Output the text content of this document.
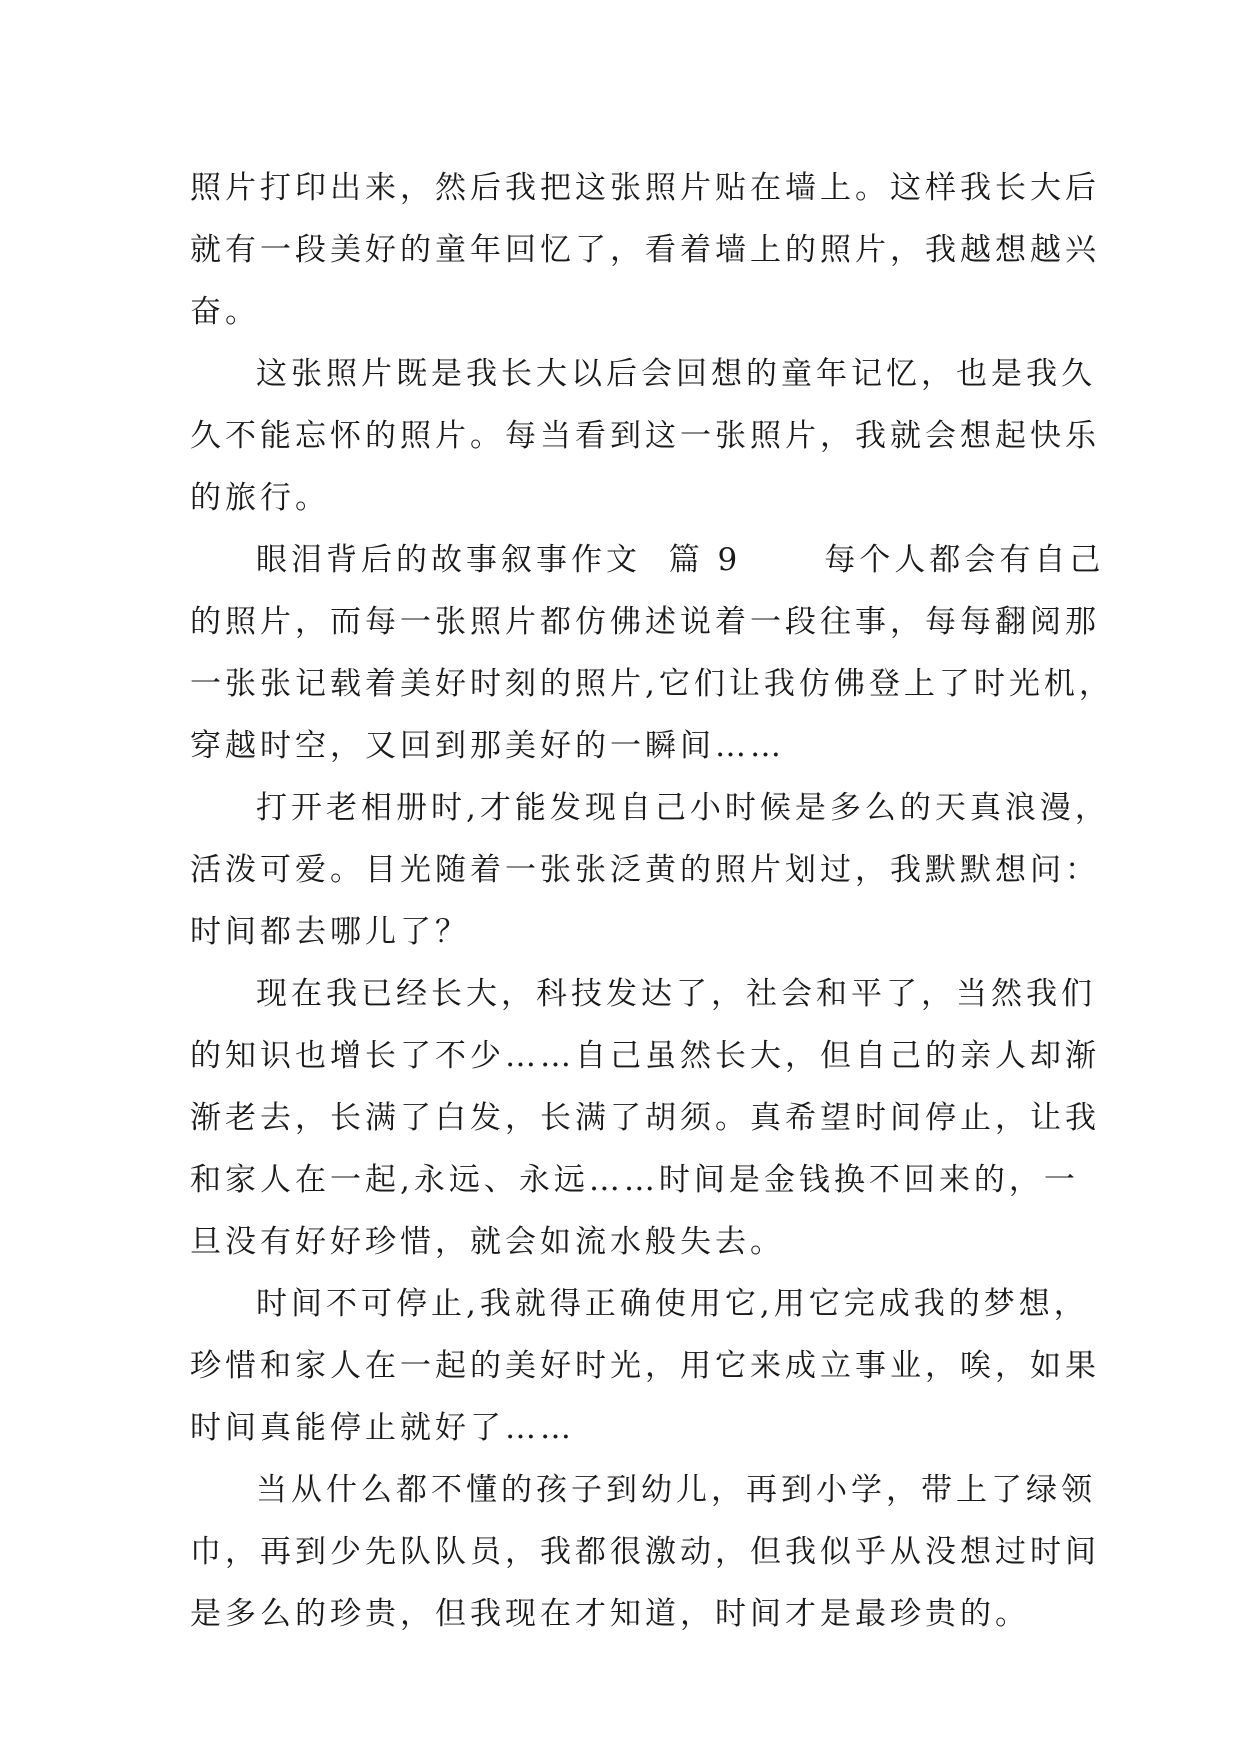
照片打印出来，然后我把这张照片贴在墙上。这样我长大后
就有一段美好的童年回忆了，看着墙上的照片，我越想越兴
奋。
这张照片既是我长大以后会回想的童年记忆，也是我久
久不能忘怀的照片。每当看到这一张照片，我就会想起快乐
的旅行。
眼泪背后的故事叙事作文  篇 9      每个人都会有自己
的照片，而每一张照片都仿佛述说着一段往事，每每翻阅那
一张张记载着美好时刻的照片,它们让我仿佛登上了时光机，
穿越时空，又回到那美好的一瞬间……
打开老相册时,才能发现自己小时候是多么的天真浪漫，
活泼可爱。目光随着一张张泛黄的照片划过，我默默想问：
时间都去哪儿了？
现在我已经长大，科技发达了，社会和平了，当然我们
的知识也增长了不少……自己虽然长大，但自己的亲人却渐
渐老去，长满了白发，长满了胡须。真希望时间停止，让我
和家人在一起,永远、永远……时间是金钱换不回来的，一
旦没有好好珍惜，就会如流水般失去。
时间不可停止,我就得正确使用它,用它完成我的梦想，
珍惜和家人在一起的美好时光，用它来成立事业，唉，如果
时间真能停止就好了……
当从什么都不懂的孩子到幼儿，再到小学，带上了绿领
巾，再到少先队队员，我都很激动，但我似乎从没想过时间
是多么的珍贵，但我现在才知道，时间才是最珍贵的。
